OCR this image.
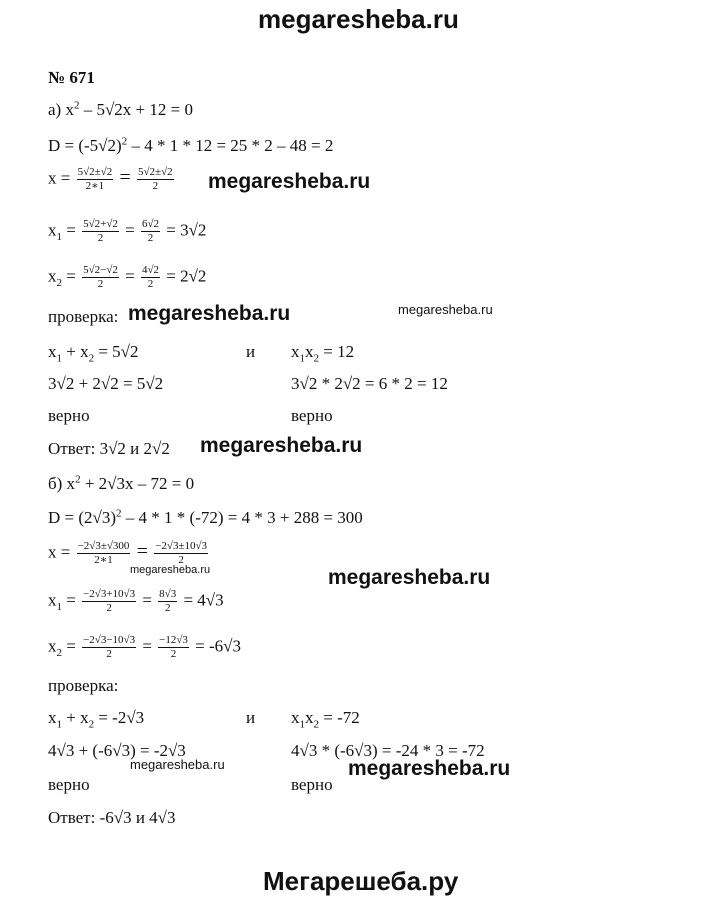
megaresheba.ru
Мегарешеба.ру
№ 671
а) $x^2 - 5√2x + 12 = 0$
$D = (-5√2)^2 - 4 * 1 * 12 = 25 * 2 - 48 = 2$
$x = \frac{5√2\pm√2}{2∗1} = \frac{5√2\pm√2}{2}$ megaresheba.ru
$x_1 = \frac{5√2+√2}{2} = \frac{6√2}{2} = 3√2$
$x_2 = \frac{5√2-√2}{2} = \frac{4√2}{2} = 2√2$
проверка: megaresheba.ru	megaresheba.ru
$x_1 + x_2 = 5√2$	и $x_1x_2 = 12$
3√2 + 2√2 = 5√2	3√2 * 2√2 = 6 * 2 = 12
верно	верно
Ответ: 3√2 и 2√2 megaresheba.ru
б) $x^2 + 2√3x - 72 = 0$
$D = (2√3)^2 - 4 * 1 * (-72) = 4 * 3 + 288 = 300$
$x = \frac{-2√3\pm√300}{2∗1} = \frac{-2√3\pm 10√3}{2}$
megaresheba.ru	megaresheba.ru
$x_1 = \frac{-2√3+10√3}{2} = \frac{8√3}{2} = 4√3$
$x_2 = \frac{-2√3-10√3}{2} = \frac{-12√3}{2} = -6√3$
проверка:
$x_1 + x_2 = -2√3$	и $x_1x_2 = -72$
4√3 + (-6√3) = -2√3	4√3 * (-6√3) = -24 * 3 = -72
megaresheba.ru	megaresheba.ru
верно	верно
Ответ: -6√3 и 4√3
